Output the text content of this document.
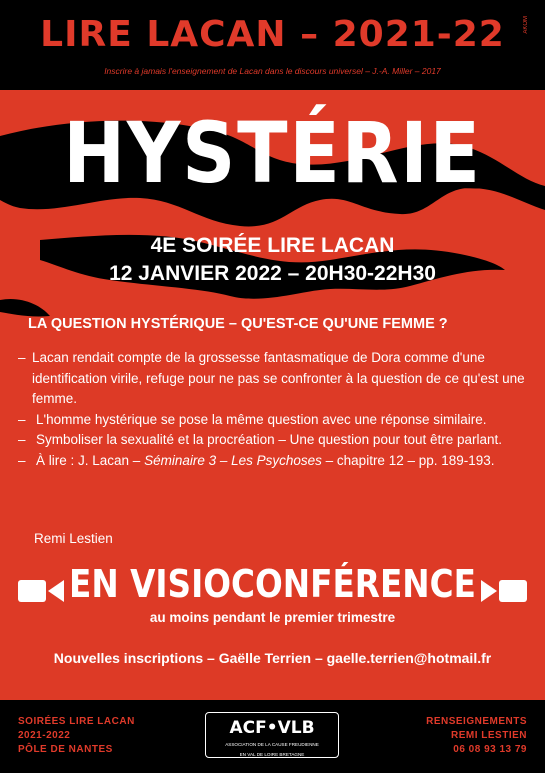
LIRE LACAN – 2021-22
Inscrire à jamais l'enseignement de Lacan dans le discours universel – J.-A. Miller – 2017
AKOM
HYSTÉRIE
4E SOIRÉE LIRE LACAN
12 JANVIER 2022 – 20H30-22H30
LA QUESTION HYSTÉRIQUE – QU'EST-CE QU'UNE FEMME ?
– Lacan rendait compte de la grossesse fantasmatique de Dora comme d'une identification virile, refuge pour ne pas se confronter à la question de ce qu'est une femme.
– L'homme hystérique se pose la même question avec une réponse similaire.
– Symboliser la sexualité et la procréation – Une question pour tout être parlant.
– À lire : J. Lacan – Séminaire 3 – Les Psychoses – chapitre 12 – pp. 189-193.
Remi Lestien
EN VISIOCONFÉRENCE
au moins pendant le premier trimestre
Nouvelles inscriptions – Gaëlle Terrien – gaelle.terrien@hotmail.fr
SOIRÉES LIRE LACAN
2021-2022
PÔLE DE NANTES
ACF•VLB
ASSOCIATION DE LA CAUSE FREUDIENNE
EN VAL DE LOIRE BRETAGNE
RENSEIGNEMENTS
REMI LESTIEN
06 08 93 13 79
